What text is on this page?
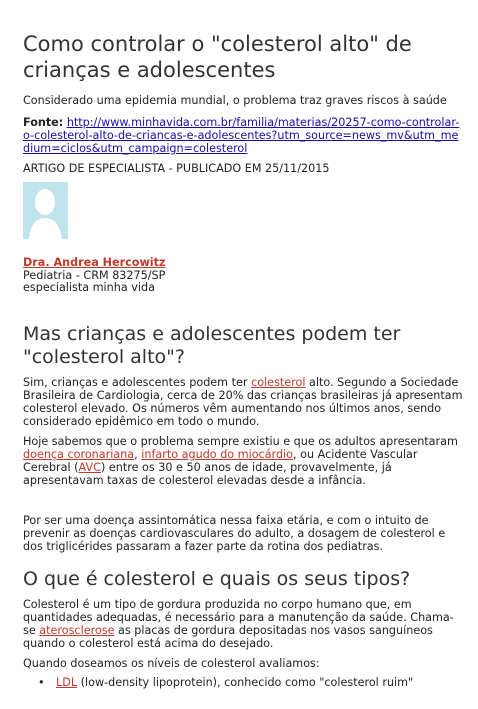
Como controlar o "colesterol alto" de crianças e adolescentes
Considerado uma epidemia mundial, o problema traz graves riscos à saúde
Fonte: http://www.minhavida.com.br/familia/materias/20257-como-controlar-o-colesterol-alto-de-criancas-e-adolescentes?utm_source=news_mv&utm_medium=ciclos&utm_campaign=colesterol
ARTIGO DE ESPECIALISTA - PUBLICADO EM 25/11/2015
Dra. Andrea Hercowitz
Pediatria - CRM 83275/SP
especialista minha vida
Mas crianças e adolescentes podem ter "colesterol alto"?
Sim, crianças e adolescentes podem ter colesterol alto. Segundo a Sociedade Brasileira de Cardiologia, cerca de 20% das crianças brasileiras já apresentam colesterol elevado. Os números vêm aumentando nos últimos anos, sendo considerado epidêmico em todo o mundo.
Hoje sabemos que o problema sempre existiu e que os adultos apresentaram doença coronariana, infarto agudo do miocárdio, ou Acidente Vascular Cerebral (AVC) entre os 30 e 50 anos de idade, provavelmente, já apresentavam taxas de colesterol elevadas desde a infância.
Por ser uma doença assintomática nessa faixa etária, e com o intuito de prevenir as doenças cardiovasculares do adulto, a dosagem de colesterol e dos triglicérides passaram a fazer parte da rotina dos pediatras.
O que é colesterol e quais os seus tipos?
Colesterol é um tipo de gordura produzida no corpo humano que, em quantidades adequadas, é necessário para a manutenção da saúde. Chama-se aterosclerose as placas de gordura depositadas nos vasos sanguíneos quando o colesterol está acima do desejado.
Quando doseamos os níveis de colesterol avaliamos:
• LDL (low-density lipoprotein), conhecido como "colesterol ruim"
